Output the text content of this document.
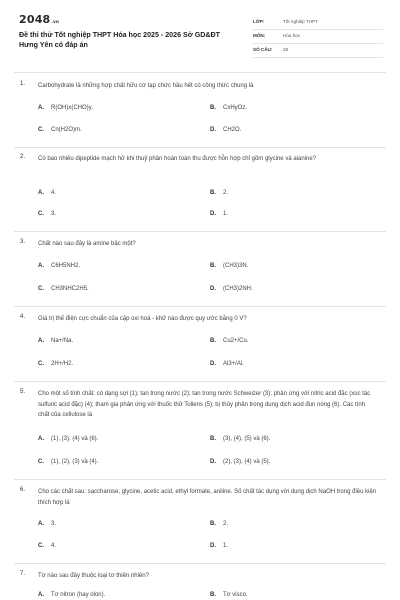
2048.vn
Đề thi thử Tốt nghiệp THPT Hóa học 2025 - 2026 Sở GD&ĐT Hưng Yên có đáp án
LỚP:	Tốt nghiệp THPT
MÔN:	Hóa học
SỐ CÂU: 28
1. Carbohydrate là những hợp chất hữu cơ tạp chức hầu hết có công thức chung là
A. R(OH)x(CHO)y.	B. CxHyOz.
C. Cn(H2O)m.	D. CH2O.
2. Có bao nhiêu dipeptide mạch hở khi thuỷ phân hoàn toàn thu được hỗn hợp chỉ gồm glycine và alanine?
A. 4.	B. 2.
C. 3.	D. 1.
3. Chất nào sau đây là amine bậc một?
A. C6H5NH2.	B. (CH3)3N.
C. CH3NHC2H5.	D. (CH3)2NH.
4. Giá trị thế điện cực chuẩn của cặp oxi hoá - khử nào được quy ước bằng 0 V?
A. Na+/Na.	B. Cu2+/Cu.
C. 2H+/H2.	D. Al3+/Al.
5. Cho một số tính chất: có dạng sợi (1); tan trong nước (2); tan trong nước Schweizer (3); phản ứng với nitric acid đặc (xúc tác sulfuric acid đặc) (4); tham gia phản ứng với thuốc thử Tollens (5); bị thủy phân trong dung dịch acid đun nóng (6). Các tính chất của cellulose là
A. (1), (3), (4) và (6).	B. (3), (4), (5) và (6).
C. (1), (2), (3) và (4).	D. (2), (3), (4) và (5).
6. Cho các chất sau: saccharose, glycine, acetic acid, ethyl formate, aniline. Số chất tác dụng với dung dịch NaOH trong điều kiện thích hợp là
A. 3.	B. 2.
C. 4.	D. 1.
7. Tơ nào sau đây thuộc loại tơ thiên nhiên?
A. Tơ nitron (hay olon).	B. Tơ visco.
